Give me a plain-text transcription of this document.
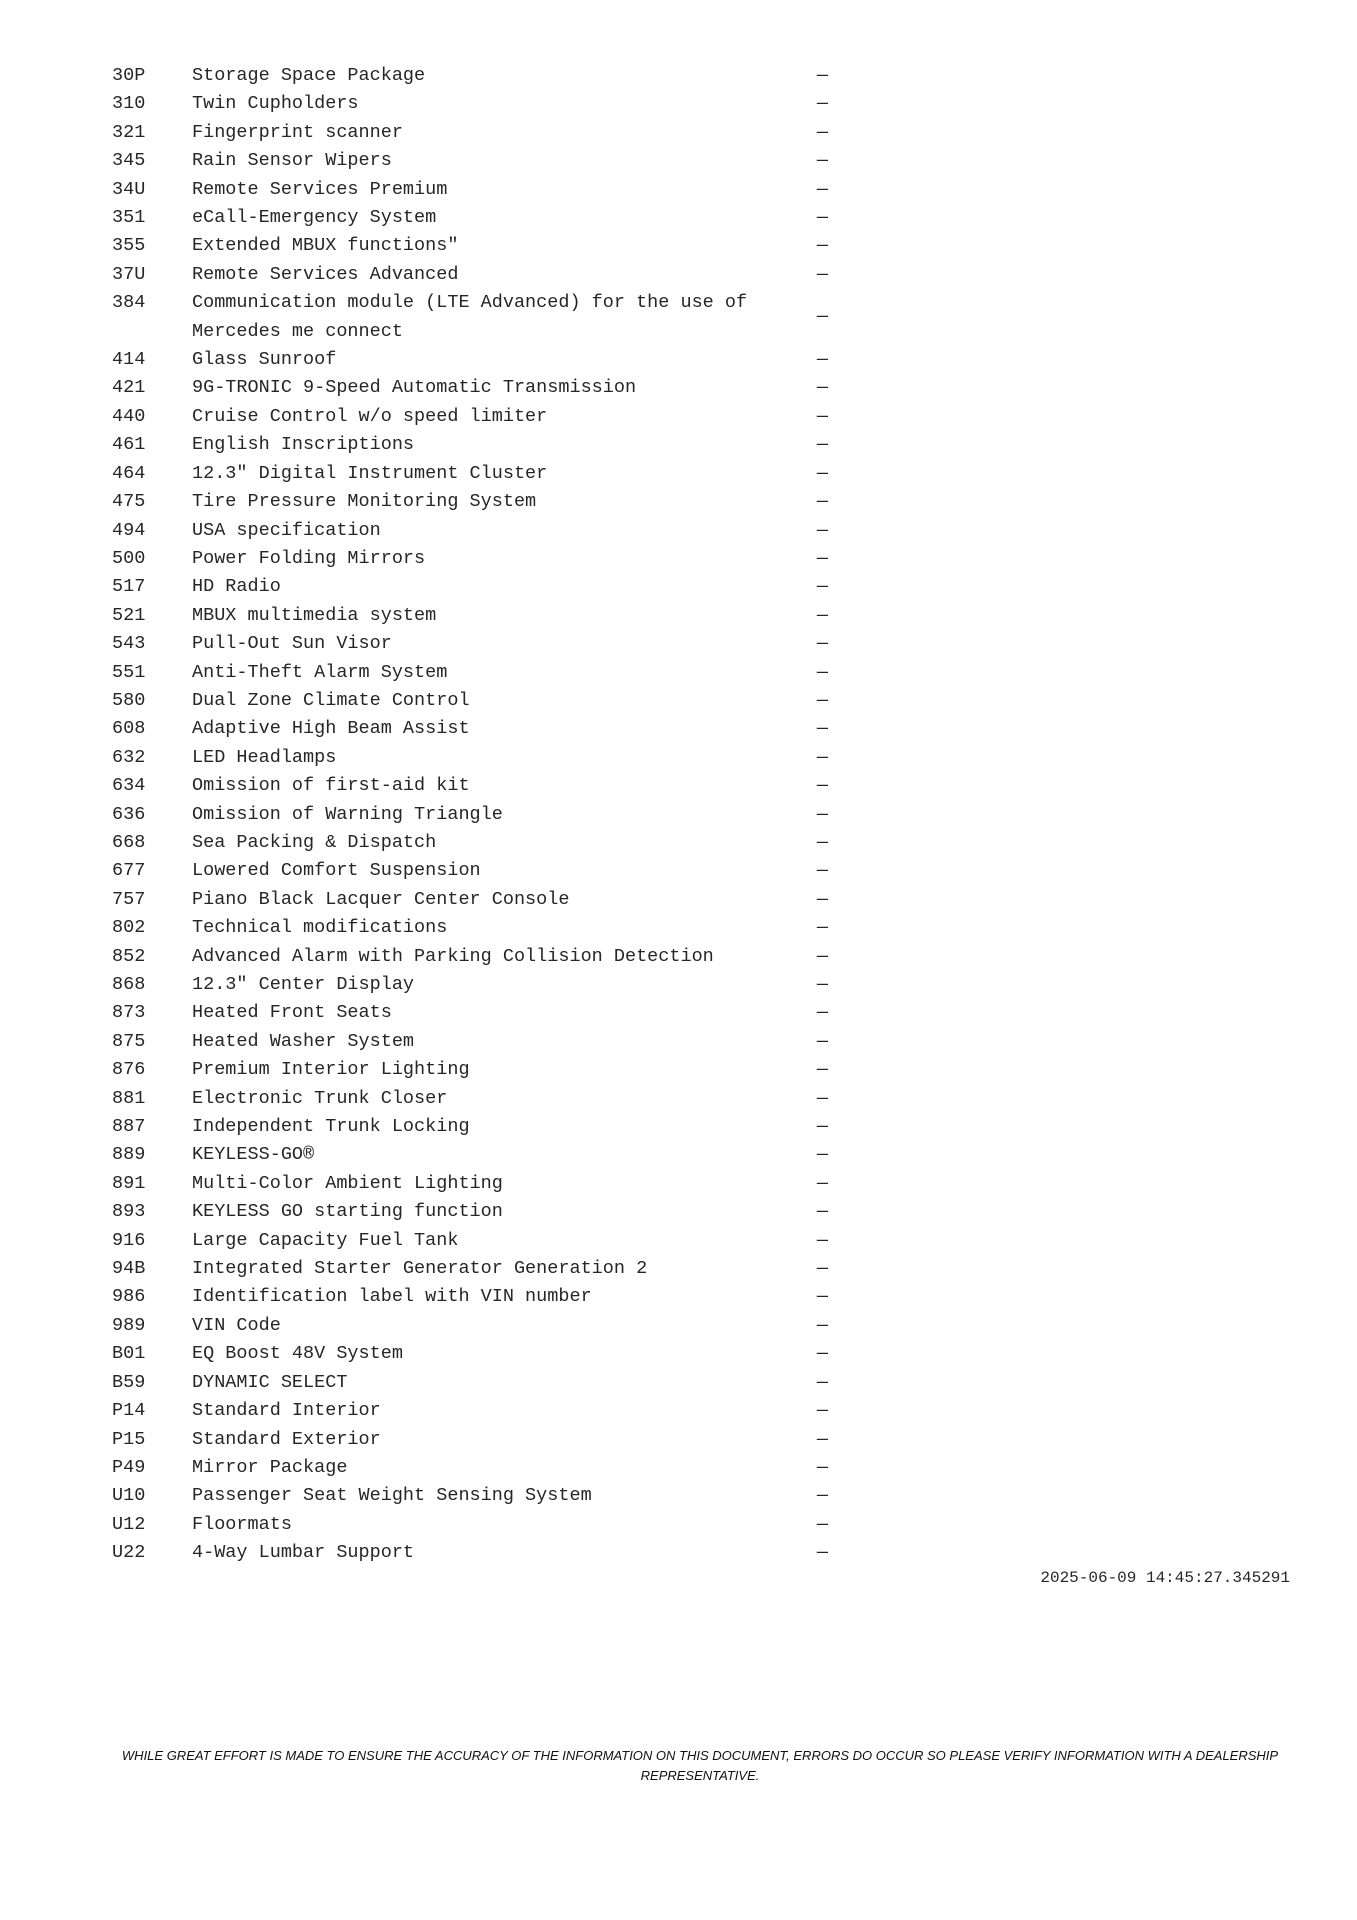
30P	Storage Space Package	—
310	Twin Cupholders	—
321	Fingerprint scanner	—
345	Rain Sensor Wipers	—
34U	Remote Services Premium	—
351	eCall-Emergency System	—
355	Extended MBUX functions"	—
37U	Remote Services Advanced	—
384	Communication module (LTE Advanced) for the use of Mercedes me connect	—
414	Glass Sunroof	—
421	9G-TRONIC 9-Speed Automatic Transmission	—
440	Cruise Control w/o speed limiter	—
461	English Inscriptions	—
464	12.3" Digital Instrument Cluster	—
475	Tire Pressure Monitoring System	—
494	USA specification	—
500	Power Folding Mirrors	—
517	HD Radio	—
521	MBUX multimedia system	—
543	Pull-Out Sun Visor	—
551	Anti-Theft Alarm System	—
580	Dual Zone Climate Control	—
608	Adaptive High Beam Assist	—
632	LED Headlamps	—
634	Omission of first-aid kit	—
636	Omission of Warning Triangle	—
668	Sea Packing & Dispatch	—
677	Lowered Comfort Suspension	—
757	Piano Black Lacquer Center Console	—
802	Technical modifications	—
852	Advanced Alarm with Parking Collision Detection	—
868	12.3" Center Display	—
873	Heated Front Seats	—
875	Heated Washer System	—
876	Premium Interior Lighting	—
881	Electronic Trunk Closer	—
887	Independent Trunk Locking	—
889	KEYLESS-GO®	—
891	Multi-Color Ambient Lighting	—
893	KEYLESS GO starting function	—
916	Large Capacity Fuel Tank	—
94B	Integrated Starter Generator Generation 2	—
986	Identification label with VIN number	—
989	VIN Code	—
B01	EQ Boost 48V System	—
B59	DYNAMIC SELECT	—
P14	Standard Interior	—
P15	Standard Exterior	—
P49	Mirror Package	—
U10	Passenger Seat Weight Sensing System	—
U12	Floormats	—
U22	4-Way Lumbar Support	—
2025-06-09 14:45:27.345291
WHILE GREAT EFFORT IS MADE TO ENSURE THE ACCURACY OF THE INFORMATION ON THIS DOCUMENT, ERRORS DO OCCUR SO PLEASE VERIFY INFORMATION WITH A DEALERSHIP REPRESENTATIVE.
